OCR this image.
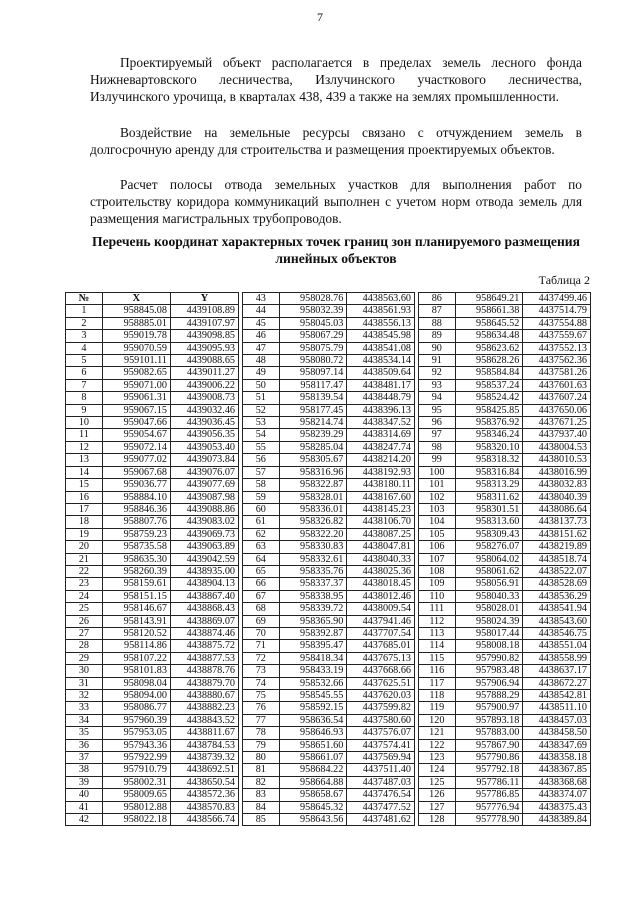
7

Проектируемый объект располагается в пределах земель лесного фонда Нижневартовского лесничества, Излучинского участкового лесничества, Излучинского урочища, в кварталах 438, 439 а также на землях промышленности.

Воздействие на земельные ресурсы связано с отчуждением земель в долгосрочную аренду для строительства и размещения проектируемых объектов.

Расчет полосы отвода земельных участков для выполнения работ по строительству коридора коммуникаций выполнен с учетом норм отвода земель для размещения магистральных трубопроводов.

Перечень координат характерных точек границ зон планируемого размещения линейных объектов
Таблица 2
№	X	Y
1	958845.08	4439108.89
2	958885.01	4439107.97
3	959019.78	4439098.85
4	959070.59	4439095.93
5	959101.11	4439088.65
6	959082.65	4439011.27
7	959071.00	4439006.22
8	959061.31	4439008.73
9	959067.15	4439032.46
10	959047.66	4439036.45
11	959054.67	4439056.35
12	959072.14	4439053.40
13	959077.02	4439073.84
14	959067.68	4439076.07
15	959036.77	4439077.69
16	958884.10	4439087.98
17	958846.36	4439088.86
18	958807.76	4439083.02
19	958759.23	4439069.73
20	958735.58	4439063.89
21	958635.30	4439042.59
22	958260.39	4438935.00
23	958159.61	4438904.13
24	958151.15	4438867.40
25	958146.67	4438868.43
26	958143.91	4438869.07
27	958120.52	4438874.46
28	958114.86	4438875.72
29	958107.22	4438877.53
30	958101.83	4438878.76
31	958098.04	4438879.70
32	958094.00	4438880.67
33	958086.77	4438882.23
34	957960.39	4438843.52
35	957953.05	4438811.67
36	957943.36	4438784.53
37	957922.99	4438739.32
38	957910.79	4438692.51
39	958002.31	4438650.54
40	958009.65	4438572.36
41	958012.88	4438570.83
42	958022.18	4438566.74
43	958028.76	4438563.60
44	958032.39	4438561.93
45	958045.03	4438556.13
46	958067.29	4438545.98
47	958075.79	4438541.08
48	958080.72	4438534.14
49	958097.14	4438509.64
50	958117.47	4438481.17
51	958139.54	4438448.79
52	958177.45	4438396.13
53	958214.74	4438347.52
54	958239.29	4438314.69
55	958285.04	4438247.74
56	958305.67	4438214.20
57	958316.96	4438192.93
58	958322.87	4438180.11
59	958328.01	4438167.60
60	958336.01	4438145.23
61	958326.82	4438106.70
62	958322.20	4438087.25
63	958330.83	4438047.81
64	958332.61	4438040.33
65	958335.76	4438025.36
66	958337.37	4438018.45
67	958338.95	4438012.46
68	958339.72	4438009.54
69	958365.90	4437941.46
70	958392.87	4437707.54
71	958395.47	4437685.01
72	958418.34	4437675.13
73	958433.19	4437668.66
74	958532.66	4437625.51
75	958545.55	4437620.03
76	958592.15	4437599.82
77	958636.54	4437580.60
78	958646.93	4437576.07
79	958651.60	4437574.41
80	958661.07	4437569.94
81	958684.22	4437511.40
82	958664.88	4437487.03
83	958658.67	4437476.54
84	958645.32	4437477.52
85	958643.56	4437481.62
86	958649.21	4437499.46
87	958661.38	4437514.79
88	958645.52	4437554.88
89	958634.48	4437559.67
90	958623.62	4437552.13
91	958628.26	4437562.36
92	958584.84	4437581.26
93	958537.24	4437601.63
94	958524.42	4437607.24
95	958425.85	4437650.06
96	958376.92	4437671.25
97	958346.24	4437937.40
98	958320.10	4438004.53
99	958318.32	4438010.53
100	958316.84	4438016.99
101	958313.29	4438032.83
102	958311.62	4438040.39
103	958301.51	4438086.64
104	958313.60	4438137.73
105	958309.43	4438151.62
106	958276.07	4438219.89
107	958064.02	4438518.74
108	958061.62	4438522.07
109	958056.91	4438528.69
110	958040.33	4438536.29
111	958028.01	4438541.94
112	958024.39	4438543.60
113	958017.44	4438546.75
114	958008.18	4438551.04
115	957990.82	4438558.99
116	957983.48	4438637.17
117	957906.94	4438672.27
118	957888.29	4438542.81
119	957900.97	4438511.10
120	957893.18	4438457.03
121	957883.00	4438458.50
122	957867.90	4438347.69
123	957790.86	4438358.18
124	957792.18	4438367.85
125	957786.11	4438368.68
126	957786.85	4438374.07
127	957776.94	4438375.43
128	957778.90	4438389.84
